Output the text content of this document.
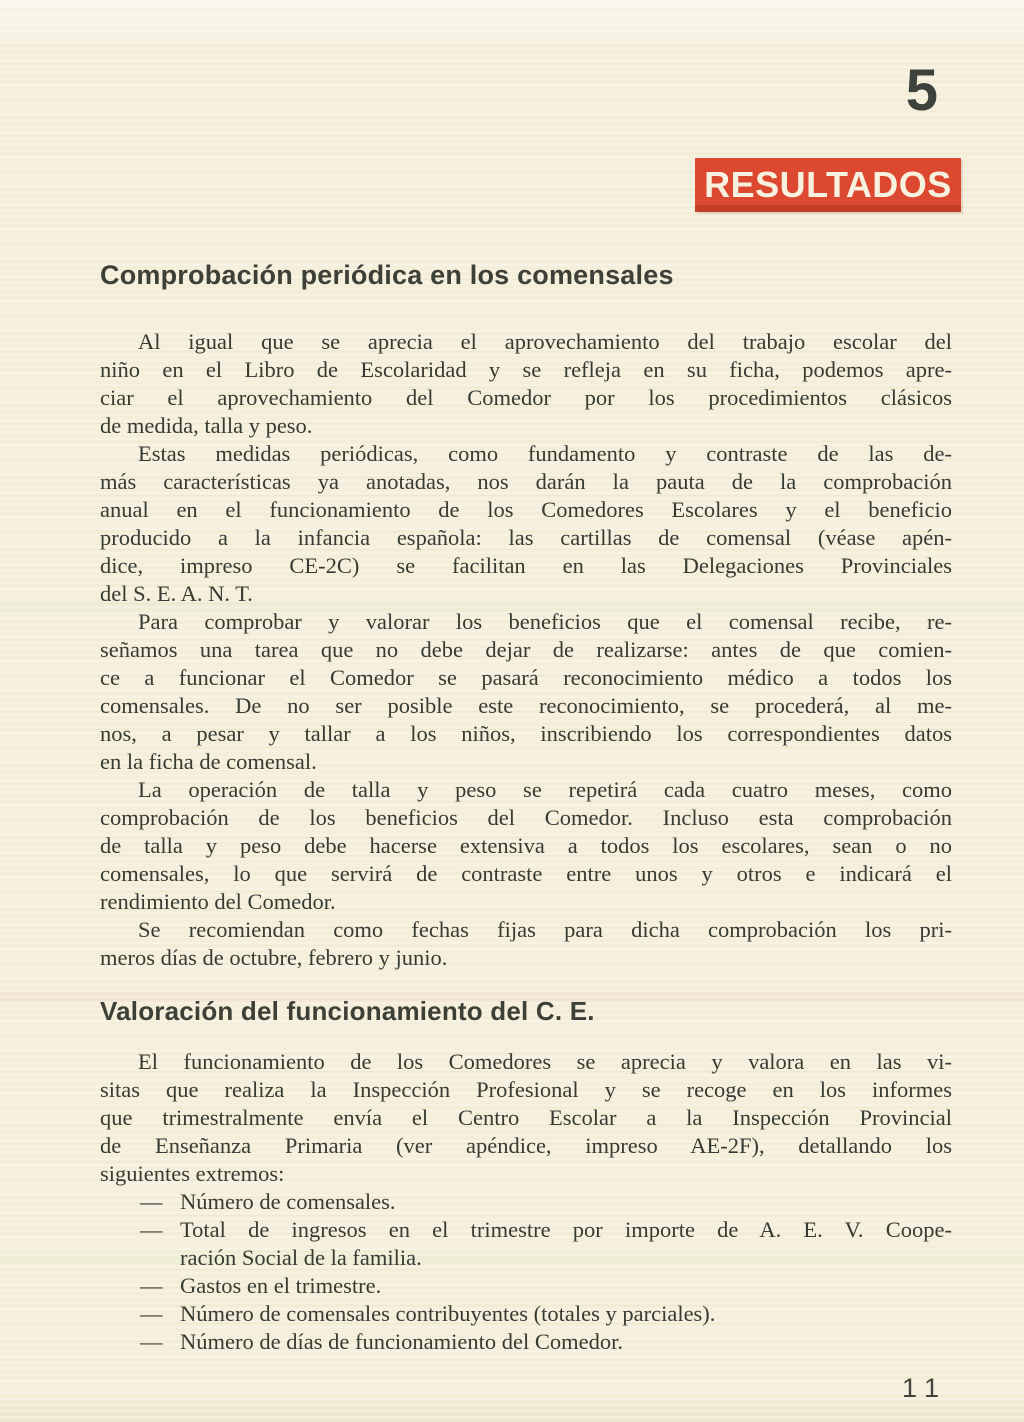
5
RESULTADOS
Comprobación periódica en los comensales
Al igual que se aprecia el aprovechamiento del trabajo escolar del
niño en el Libro de Escolaridad y se refleja en su ficha, podemos apre-
ciar el aprovechamiento del Comedor por los procedimientos clásicos
de medida, talla y peso.
Estas medidas periódicas, como fundamento y contraste de las de-
más características ya anotadas, nos darán la pauta de la comprobación
anual en el funcionamiento de los Comedores Escolares y el beneficio
producido a la infancia española: las cartillas de comensal (véase apén-
dice, impreso CE-2C) se facilitan en las Delegaciones Provinciales
del S. E. A. N. T.
Para comprobar y valorar los beneficios que el comensal recibe, re-
señamos una tarea que no debe dejar de realizarse: antes de que comien-
ce a funcionar el Comedor se pasará reconocimiento médico a todos los
comensales. De no ser posible este reconocimiento, se procederá, al me-
nos, a pesar y tallar a los niños, inscribiendo los correspondientes datos
en la ficha de comensal.
La operación de talla y peso se repetirá cada cuatro meses, como
comprobación de los beneficios del Comedor. Incluso esta comprobación
de talla y peso debe hacerse extensiva a todos los escolares, sean o no
comensales, lo que servirá de contraste entre unos y otros e indicará el
rendimiento del Comedor.
Se recomiendan como fechas fijas para dicha comprobación los pri-
meros días de octubre, febrero y junio.
Valoración del funcionamiento del C. E.
El funcionamiento de los Comedores se aprecia y valora en las vi-
sitas que realiza la Inspección Profesional y se recoge en los informes
que trimestralmente envía el Centro Escolar a la Inspección Provincial
de Enseñanza Primaria (ver apéndice, impreso AE-2F), detallando los
siguientes extremos:
— Número de comensales.
— Total de ingresos en el trimestre por importe de A. E. V. Coope-
ración Social de la familia.
— Gastos en el trimestre.
— Número de comensales contribuyentes (totales y parciales).
— Número de días de funcionamiento del Comedor.
11
